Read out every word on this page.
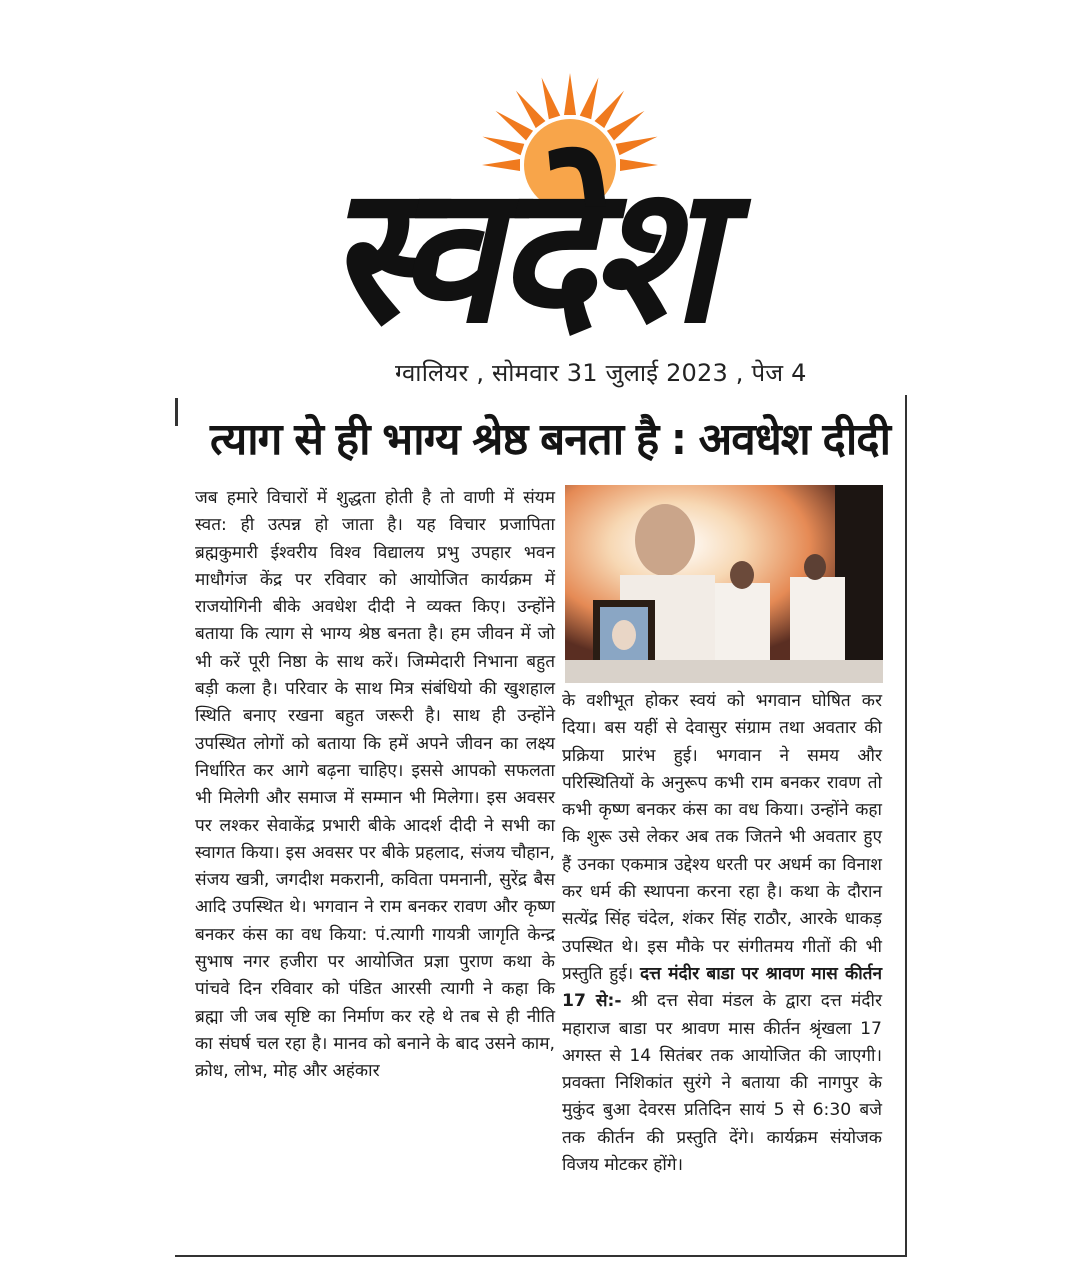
स्वदेश
ग्वालियर , सोमवार 31 जुलाई 2023 , पेज 4
त्याग से ही भाग्य श्रेष्ठ बनता है : अवधेश दीदी
जब हमारे विचारों में शुद्धता होती है तो वाणी में संयम स्वत: ही उत्पन्न हो जाता है। यह विचार प्रजापिता ब्रह्मकुमारी ईश्वरीय विश्व विद्यालय प्रभु उपहार भवन माधौगंज केंद्र पर रविवार को आयोजित कार्यक्रम में राजयोगिनी बीके अवधेश दीदी ने व्यक्त किए। उन्होंने बताया कि त्याग से भाग्य श्रेष्ठ बनता है। हम जीवन में जो भी करें पूरी निष्ठा के साथ करें। जिम्मेदारी निभाना बहुत बड़ी कला है। परिवार के साथ मित्र संबंधियो की खुशहाल स्थिति बनाए रखना बहुत जरूरी है। साथ ही उन्होंने उपस्थित लोगों को बताया कि हमें अपने जीवन का लक्ष्य निर्धारित कर आगे बढ़ना चाहिए। इससे आपको सफलता भी मिलेगी और समाज में सम्मान भी मिलेगा। इस अवसर पर लश्कर सेवाकेंद्र प्रभारी बीके आदर्श दीदी ने सभी का स्वागत किया। इस अवसर पर बीके प्रहलाद, संजय चौहान, संजय खत्री, जगदीश मकरानी, कविता पमनानी, सुरेंद्र बैस आदि उपस्थित थे। भगवान ने राम बनकर रावण और कृष्ण बनकर कंस का वध किया: पं.त्यागी गायत्री जागृति केन्द्र सुभाष नगर हजीरा पर आयोजित प्रज्ञा पुराण कथा के पांचवे दिन रविवार को पंडित आरसी त्यागी ने कहा कि ब्रह्मा जी जब सृष्टि का निर्माण कर रहे थे तब से ही नीति का संघर्ष चल रहा है। मानव को बनाने के बाद उसने काम, क्रोध, लोभ, मोह और अहंकार
के वशीभूत होकर स्वयं को भगवान घोषित कर दिया। बस यहीं से देवासुर संग्राम तथा अवतार की प्रक्रिया प्रारंभ हुई। भगवान ने समय और परिस्थितियों के अनुरूप कभी राम बनकर रावण तो कभी कृष्ण बनकर कंस का वध किया। उन्होंने कहा कि शुरू उसे लेकर अब तक जितने भी अवतार हुए हैं उनका एकमात्र उद्देश्य धरती पर अधर्म का विनाश कर धर्म की स्थापना करना रहा है। कथा के दौरान सत्येंद्र सिंह चंदेल, शंकर सिंह राठौर, आरके धाकड़ उपस्थित थे। इस मौके पर संगीतमय गीतों की भी प्रस्तुति हुई। दत्त मंदीर बाडा पर श्रावण मास कीर्तन 17 से:- श्री दत्त सेवा मंडल के द्वारा दत्त मंदीर महाराज बाडा पर श्रावण मास कीर्तन श्रृंखला 17 अगस्त से 14 सितंबर तक आयोजित की जाएगी। प्रवक्ता निशिकांत सुरंगे ने बताया की नागपुर के मुकुंद बुआ देवरस प्रतिदिन सायं 5 से 6:30 बजे तक कीर्तन की प्रस्तुति देंगे। कार्यक्रम संयोजक विजय मोटकर होंगे।
